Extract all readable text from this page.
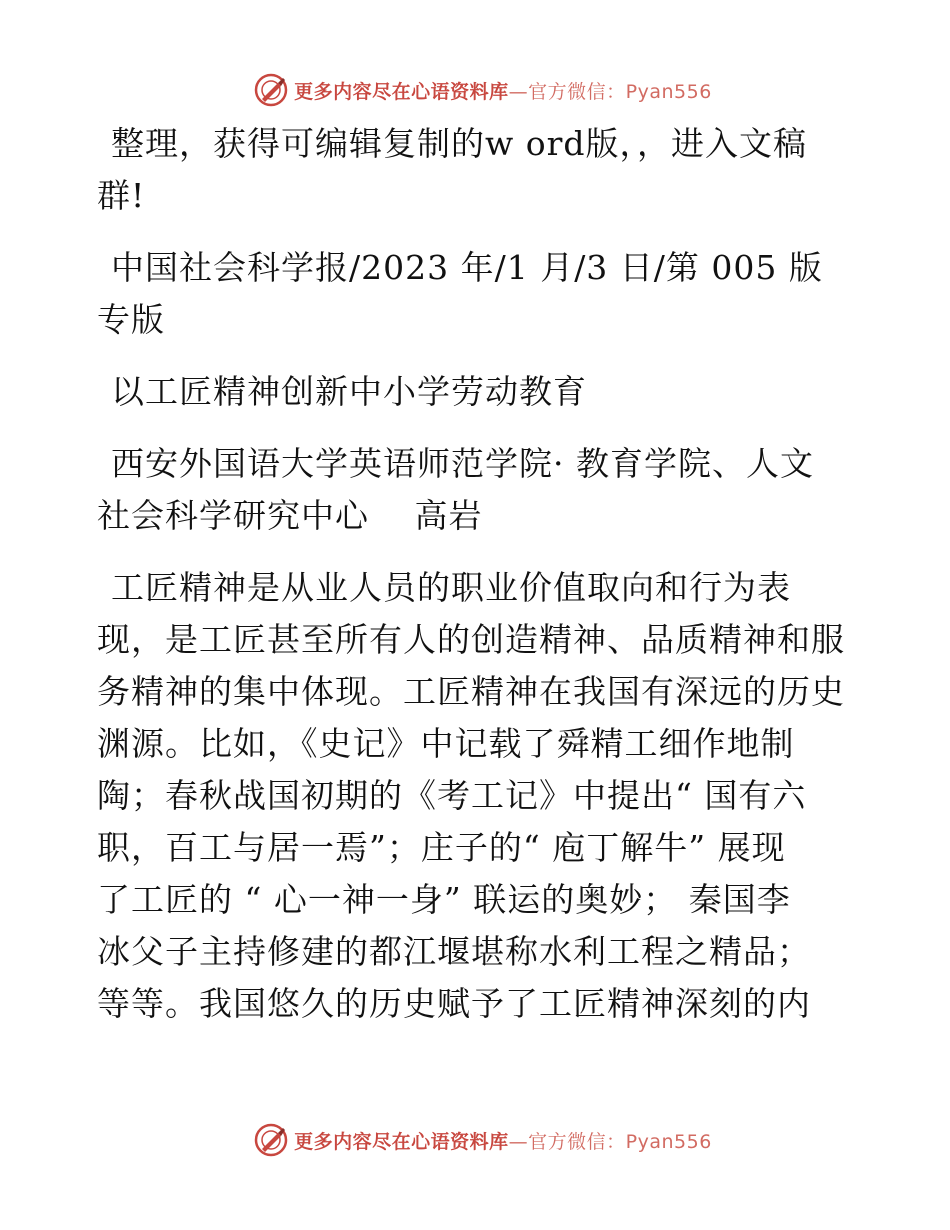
更多内容尽在心语资料库—官方微信：Pyan556

整理，获得可编辑复制的w ord版，，进入文稿
群!

中国社会科学报/2023 年/1 月/3 日/第 005 版
专版

以工匠精神创新中小学劳动教育

西安外国语大学英语师范学院· 教育学院、人文
社会科学研究中心　 高岩

工匠精神是从业人员的职业价值取向和行为表
现，是工匠甚至所有人的创造精神、品质精神和服
务精神的集中体现。工匠精神在我国有深远的历史
渊源。比如，《史记》中记载了舜精工细作地制
陶；春秋战国初期的《考工记》中提出“ 国有六
职，百工与居一焉”；庄子的“ 庖丁解牛” 展现
了工匠的 “ 心一神一身” 联运的奥妙； 秦国李
冰父子主持修建的都江堰堪称水利工程之精品；
等等。我国悠久的历史赋予了工匠精神深刻的内

更多内容尽在心语资料库—官方微信：Pyan556
